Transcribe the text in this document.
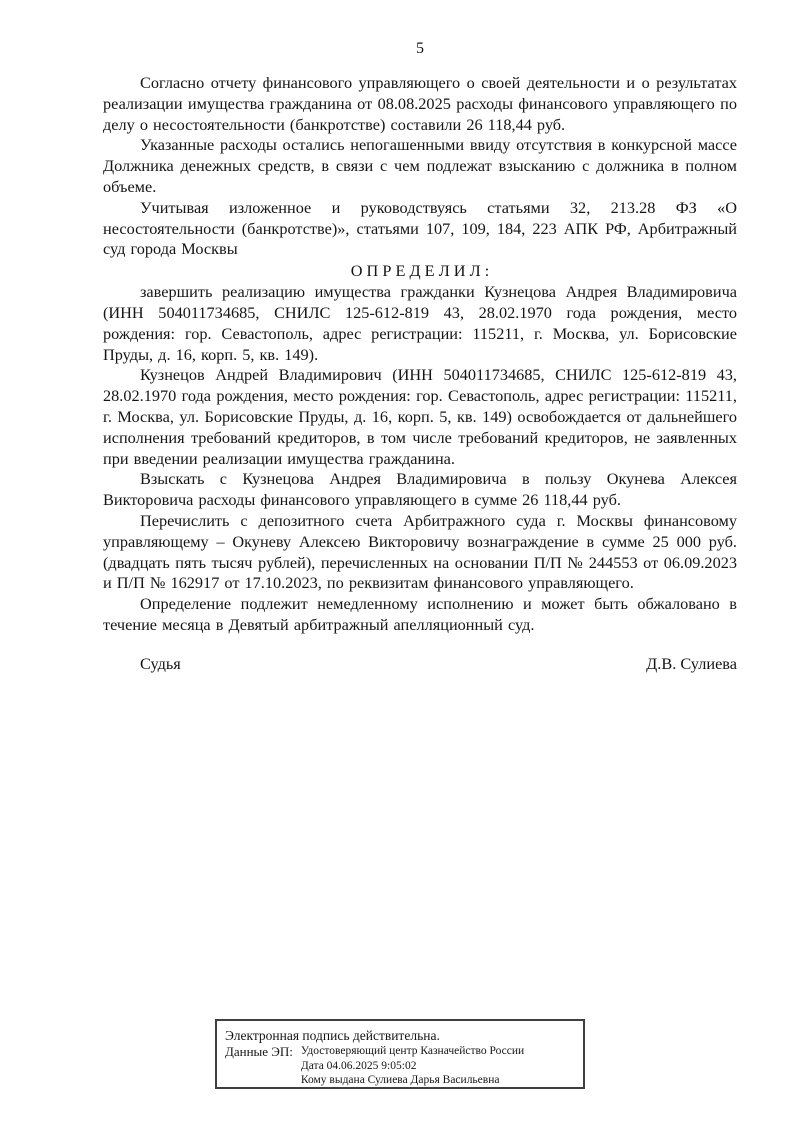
5

Согласно отчету финансового управляющего о своей деятельности и о результатах реализации имущества гражданина от 08.08.2025 расходы финансового управляющего по делу о несостоятельности (банкротстве) составили 26 118,44 руб.

Указанные расходы остались непогашенными ввиду отсутствия в конкурсной массе Должника денежных средств, в связи с чем подлежат взысканию с должника в полном объеме.

Учитывая изложенное и руководствуясь статьями 32, 213.28 ФЗ «О несостоятельности (банкротстве)», статьями 107, 109, 184, 223 АПК РФ, Арбитражный суд города Москвы

О П Р Е Д Е Л И Л :

завершить реализацию имущества гражданки Кузнецова Андрея Владимировича (ИНН 504011734685, СНИЛС 125-612-819 43, 28.02.1970 года рождения, место рождения: гор. Севастополь, адрес регистрации: 115211, г. Москва, ул. Борисовские Пруды, д. 16, корп. 5, кв. 149).

Кузнецов Андрей Владимирович (ИНН 504011734685, СНИЛС 125-612-819 43, 28.02.1970 года рождения, место рождения: гор. Севастополь, адрес регистрации: 115211, г. Москва, ул. Борисовские Пруды, д. 16, корп. 5, кв. 149) освобождается от дальнейшего исполнения требований кредиторов, в том числе требований кредиторов, не заявленных при введении реализации имущества гражданина.

Взыскать с Кузнецова Андрея Владимировича в пользу Окунева Алексея Викторовича расходы финансового управляющего в сумме 26 118,44 руб.

Перечислить с депозитного счета Арбитражного суда г. Москвы финансовому управляющему – Окуневу Алексею Викторовичу вознаграждение в сумме 25 000 руб. (двадцать пять тысяч рублей), перечисленных на основании П/П № 244553 от 06.09.2023 и П/П № 162917 от 17.10.2023, по реквизитам финансового управляющего.

Определение подлежит немедленному исполнению и может быть обжаловано в течение месяца в Девятый арбитражный апелляционный суд.

Судья	Д.В. Сулиева
Электронная подпись действительна.
Данные ЭП: Удостоверяющий центр Казначейство России
Дата 04.06.2025 9:05:02
Кому выдана Сулиева Дарья Васильевна
